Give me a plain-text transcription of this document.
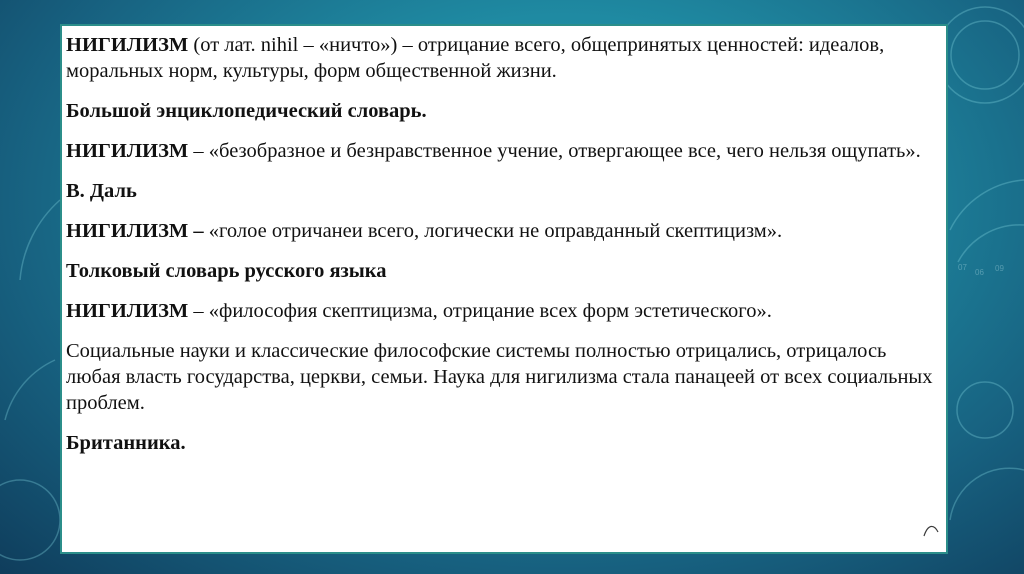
07
06 09

НИГИЛИЗМ (от лат. nihil – «ничто») – отрицание всего, общепринятых ценностей: идеалов, моральных норм, культуры, форм общественной жизни.

Большой энциклопедический словарь.

НИГИЛИЗМ – «безобразное и безнравственное учение, отвергающее все, чего нельзя ощупать».

В. Даль

НИГИЛИЗМ – «голое отричанеи всего, логически не оправданный скептицизм».

Толковый словарь русского языка

НИГИЛИЗМ – «философия скептицизма, отрицание всех форм эстетического».

Социальные науки и классические философские системы полностью отрицались, отрицалось любая власть государства, церкви, семьи. Наука для нигилизма стала панацеей от всех социальных проблем.

Британника.
